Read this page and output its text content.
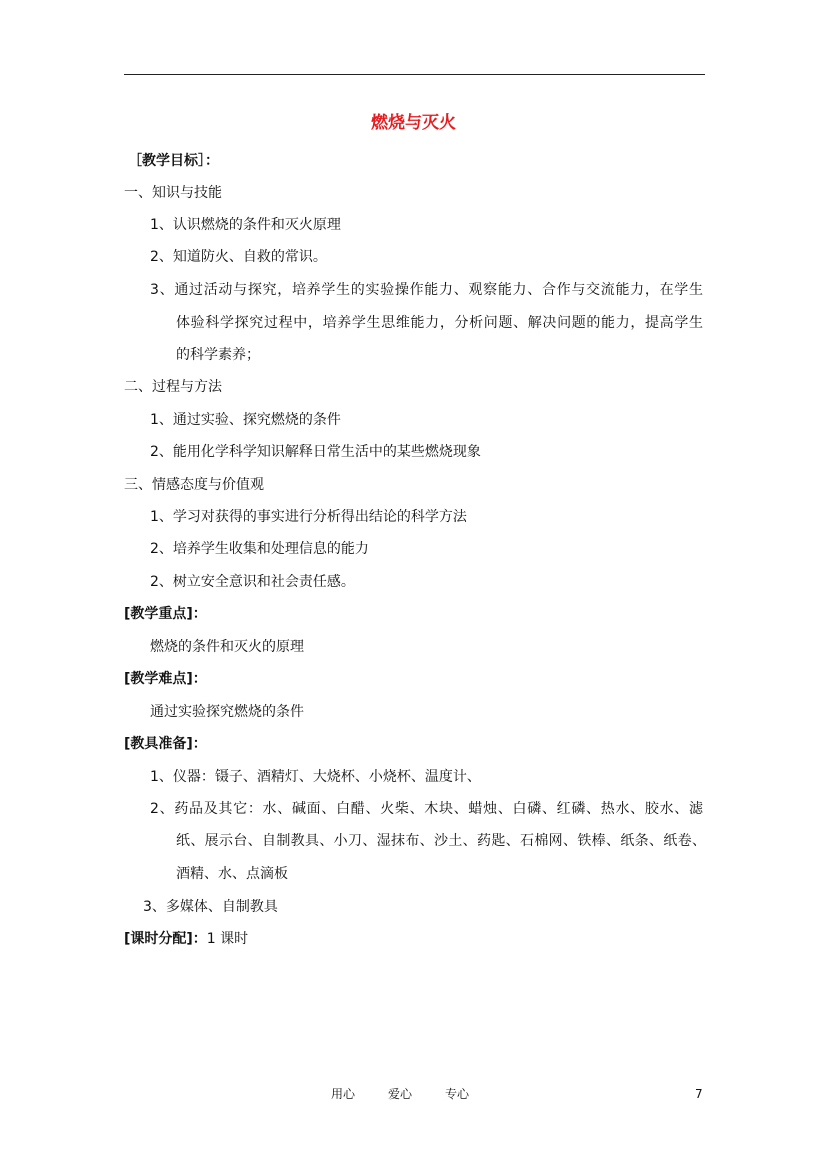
燃烧与灭火
［教学目标］：
一、知识与技能
1、认识燃烧的条件和灭火原理
2、知道防火、自救的常识。
3、通过活动与探究，培养学生的实验操作能力、观察能力、合作与交流能力，在学生
体验科学探究过程中，培养学生思维能力，分析问题、解决问题的能力，提高学生
的科学素养；
二、过程与方法
1、通过实验、探究燃烧的条件
2、能用化学科学知识解释日常生活中的某些燃烧现象
三、情感态度与价值观
1、学习对获得的事实进行分析得出结论的科学方法
2、培养学生收集和处理信息的能力
2、树立安全意识和社会责任感。
[教学重点]：
燃烧的条件和灭火的原理
[教学难点]：
通过实验探究燃烧的条件
[教具准备]：
1、仪器：镊子、酒精灯、大烧杯、小烧杯、温度计、
2、药品及其它：水、碱面、白醋、火柴、木块、蜡烛、白磷、红磷、热水、胶水、滤
纸、展示台、自制教具、小刀、湿抹布、沙土、药匙、石棉网、铁棒、纸条、纸卷、
酒精、水、点滴板
3、多媒体、自制教具
[课时分配]：1 课时
用心	爱心	专心	7
